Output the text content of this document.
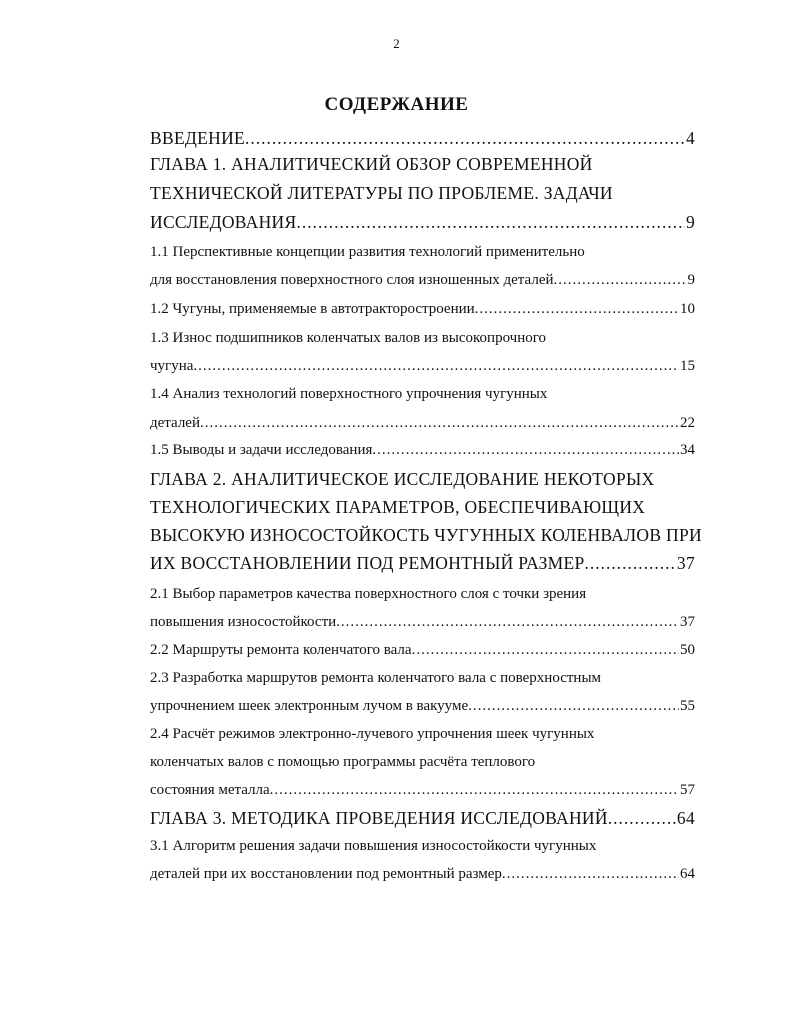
2
СОДЕРЖАНИЕ
ВВЕДЕНИЕ .....	4
ГЛАВА 1. АНАЛИТИЧЕСКИЙ ОБЗОР СОВРЕМЕННОЙ
ТЕХНИЧЕСКОЙ ЛИТЕРАТУРЫ ПО ПРОБЛЕМЕ. ЗАДАЧИ
ИССЛЕДОВАНИЯ .....	9
1.1 Перспективные концепции развития технологий применительно
для восстановления поверхностного слоя изношенных деталей .....	9
1.2 Чугуны, применяемые в автотракторостроении .....	10
1.3 Износ подшипников коленчатых валов из высокопрочного
чугуна .....	15
1.4 Анализ технологий поверхностного упрочнения чугунных
деталей .....	22
1.5 Выводы и задачи исследования .....	34
ГЛАВА 2. АНАЛИТИЧЕСКОЕ ИССЛЕДОВАНИЕ НЕКОТОРЫХ
ТЕХНОЛОГИЧЕСКИХ ПАРАМЕТРОВ, ОБЕСПЕЧИВАЮЩИХ
ВЫСОКУЮ ИЗНОСОСТОЙКОСТЬ ЧУГУННЫХ КОЛЕНВАЛОВ ПРИ
ИХ ВОССТАНОВЛЕНИИ ПОД РЕМОНТНЫЙ РАЗМЕР .....	37
2.1 Выбор параметров качества поверхностного слоя с точки зрения
повышения износостойкости .....	37
2.2 Маршруты ремонта коленчатого вала .....	50
2.3 Разработка маршрутов ремонта коленчатого вала с поверхностным
упрочнением шеек электронным лучом в вакууме .....	55
2.4 Расчёт режимов электронно-лучевого упрочнения шеек чугунных
коленчатых валов с помощью программы расчёта теплового
состояния металла .....	57
ГЛАВА 3. МЕТОДИКА ПРОВЕДЕНИЯ ИССЛЕДОВАНИЙ .....	64
3.1 Алгоритм решения задачи повышения износостойкости чугунных
деталей при их восстановлении под ремонтный размер .....	64
